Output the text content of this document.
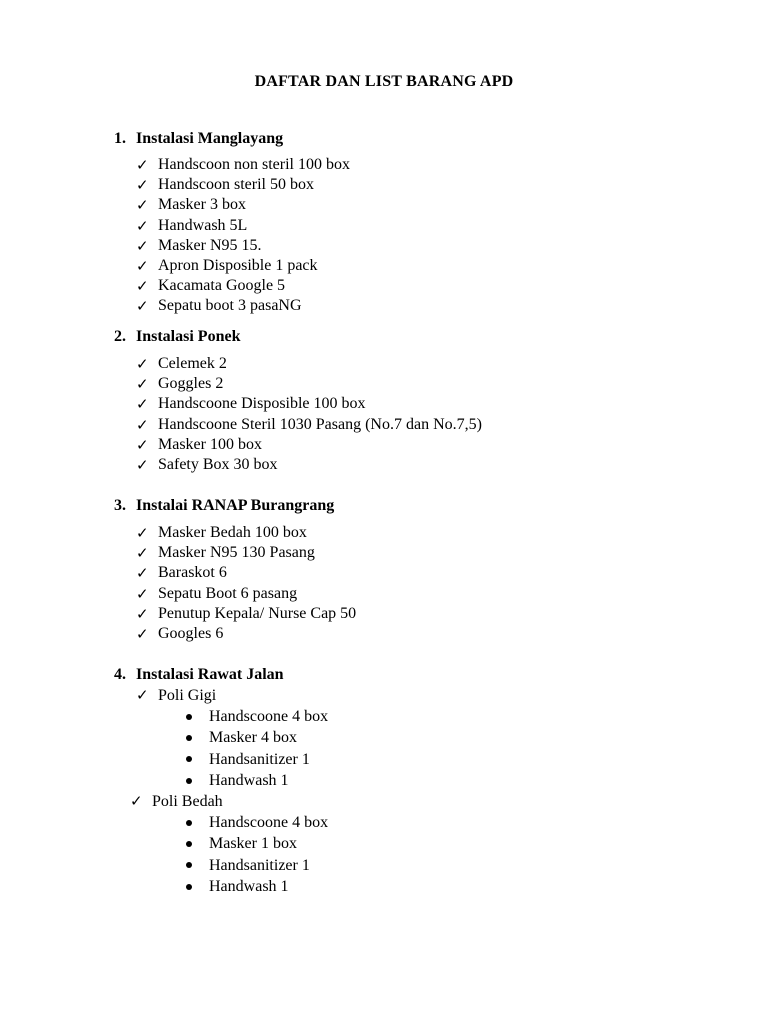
DAFTAR DAN LIST BARANG APD
1. Instalasi Manglayang
✓ Handscoon non steril 100 box
✓ Handscoon steril 50 box
✓ Masker 3 box
✓ Handwash 5L
✓ Masker N95 15.
✓ Apron Disposible 1 pack
✓ Kacamata Google 5
✓ Sepatu boot 3 pasaNG
2. Instalasi Ponek
✓ Celemek 2
✓ Goggles 2
✓ Handscoone Disposible 100 box
✓ Handscoone Steril 1030 Pasang (No.7 dan No.7,5)
✓ Masker 100 box
✓ Safety Box 30 box
3. Instalai RANAP Burangrang
✓ Masker Bedah 100 box
✓ Masker N95 130 Pasang
✓ Baraskot 6
✓ Sepatu Boot 6 pasang
✓ Penutup Kepala/ Nurse Cap 50
✓ Googles 6
4. Instalasi Rawat Jalan
✓ Poli Gigi
Handscoone 4 box
Masker 4 box
Handsanitizer 1
Handwash 1
✓ Poli Bedah
Handscoone 4 box
Masker 1 box
Handsanitizer 1
Handwash 1
